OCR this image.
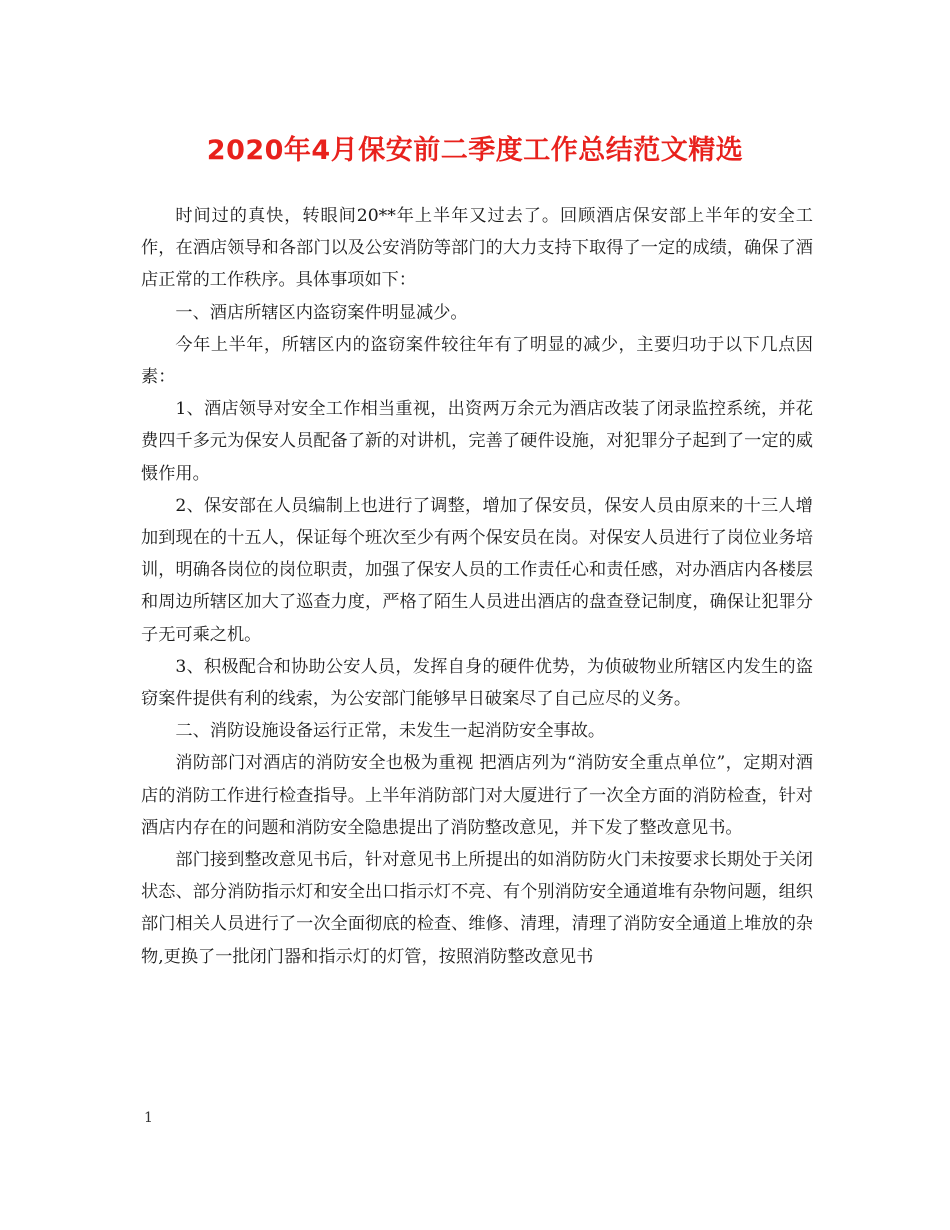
2020年4月保安前二季度工作总结范文精选

时间过的真快，转眼间20**年上半年又过去了。回顾酒店保安部上半年的安全工作，在酒店领导和各部门以及公安消防等部门的大力支持下取得了一定的成绩，确保了酒店正常的工作秩序。具体事项如下：

一、酒店所辖区内盗窃案件明显减少。

今年上半年，所辖区内的盗窃案件较往年有了明显的减少，主要归功于以下几点因素：

1、酒店领导对安全工作相当重视，出资两万余元为酒店改装了闭录监控系统，并花费四千多元为保安人员配备了新的对讲机，完善了硬件设施，对犯罪分子起到了一定的威慑作用。

2、保安部在人员编制上也进行了调整，增加了保安员，保安人员由原来的十三人增加到现在的十五人，保证每个班次至少有两个保安员在岗。对保安人员进行了岗位业务培训，明确各岗位的岗位职责，加强了保安人员的工作责任心和责任感，对办酒店内各楼层和周边所辖区加大了巡查力度，严格了陌生人员进出酒店的盘查登记制度，确保让犯罪分子无可乘之机。

3、积极配合和协助公安人员，发挥自身的硬件优势，为侦破物业所辖区内发生的盗窃案件提供有利的线索，为公安部门能够早日破案尽了自己应尽的义务。

二、消防设施设备运行正常，未发生一起消防安全事故。

消防部门对酒店的消防安全也极为重视 把酒店列为“消防安全重点单位”，定期对酒店的消防工作进行检查指导。上半年消防部门对大厦进行了一次全方面的消防检查，针对酒店内存在的问题和消防安全隐患提出了消防整改意见，并下发了整改意见书。

部门接到整改意见书后，针对意见书上所提出的如消防防火门未按要求长期处于关闭状态、部分消防指示灯和安全出口指示灯不亮、有个别消防安全通道堆有杂物问题，组织部门相关人员进行了一次全面彻底的检查、维修、清理，清理了消防安全通道上堆放的杂物,更换了一批闭门器和指示灯的灯管，按照消防整改意见书

1
